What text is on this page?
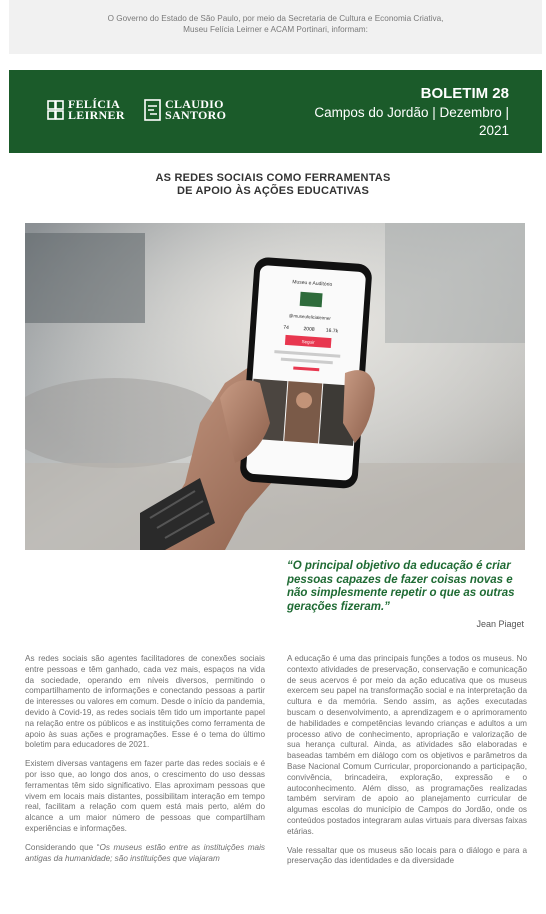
O Governo do Estado de São Paulo, por meio da Secretaria de Cultura e Economia Criativa,
Museu Felícia Leirner e ACAM Portinari, informam:
FELÍCIA
LEIRNER
CLAUDIO
SANTORO
BOLETIM 28
Campos do Jordão | Dezembro |
2021
AS REDES SOCIAIS COMO FERRAMENTAS
DE APOIO ÀS AÇÕES EDUCATIVAS
Museu e Auditório
@museufelicialeirner
74	2008 16.7k
Seguir
“O principal objetivo da educação é criar pessoas capazes de fazer coisas novas e não simplesmente repetir o que as outras gerações fizeram.”
Jean Piaget

As redes sociais são agentes facilitadores de conexões sociais entre pessoas e têm ganhado, cada vez mais, espaços na vida da sociedade, operando em níveis diversos, permitindo o compartilhamento de informações e conectando pessoas a partir de interesses ou valores em comum. Desde o início da pandemia, devido à Covid-19, as redes sociais têm tido um importante papel na relação entre os públicos e as instituições como ferramenta de apoio às suas ações e programações. Esse é o tema do último boletim para educadores de 2021.

Existem diversas vantagens em fazer parte das redes sociais e é por isso que, ao longo dos anos, o crescimento do uso dessas ferramentas têm sido significativo. Elas aproximam pessoas que vivem em locais mais distantes, possibilitam interação em tempo real, facilitam a relação com quem está mais perto, além do alcance a um maior número de pessoas que compartilham experiências e informações.

Considerando que “Os museus estão entre as instituições mais antigas da humanidade; são instituições que viajaram

A educação é uma das principais funções a todos os museus. No contexto atividades de preservação, conservação e comunicação de seus acervos é por meio da ação educativa que os museus exercem seu papel na transformação social e na interpretação da cultura e da memória. Sendo assim, as ações executadas buscam o desenvolvimento, a aprendizagem e o aprimoramento de habilidades e competências levando crianças e adultos a um processo ativo de conhecimento, apropriação e valorização de sua herança cultural. Ainda, as atividades são elaboradas e baseadas também em diálogo com os objetivos e parâmetros da Base Nacional Comum Curricular, proporcionando a participação, convivência, brincadeira, exploração, expressão e o autoconhecimento. Além disso, as programações realizadas também serviram de apoio ao planejamento curricular de algumas escolas do município de Campos do Jordão, onde os conteúdos postados integraram aulas virtuais para diversas faixas etárias.

Vale ressaltar que os museus são locais para o diálogo e para a preservação das identidades e da diversidade
